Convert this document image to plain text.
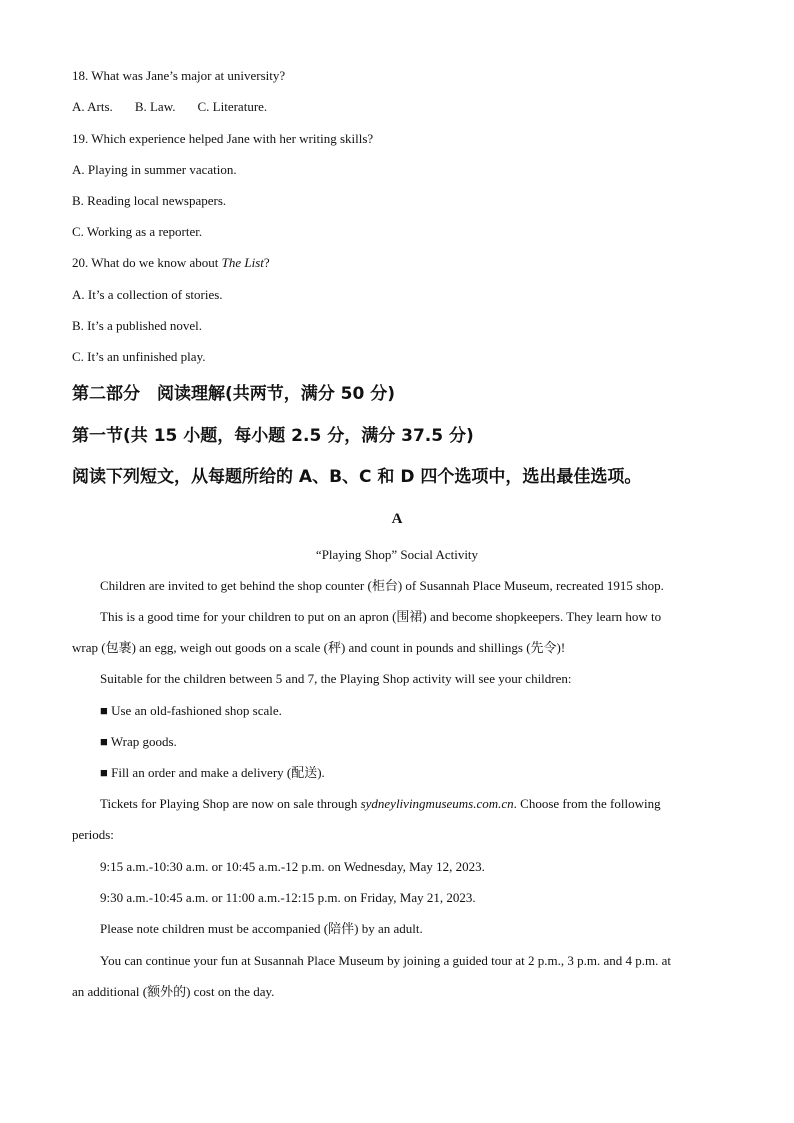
18. What was Jane’s major at university?
A. Arts. B. Law. C. Literature.
19. Which experience helped Jane with her writing skills?
A. Playing in summer vacation.
B. Reading local newspapers.
C. Working as a reporter.
20. What do we know about The List?
A. It’s a collection of stories.
B. It’s a published novel.
C. It’s an unfinished play.
第二部分　阅读理解(共两节，满分 50 分)
第一节(共 15 小题，每小题 2.5 分，满分 37.5 分)
阅读下列短文，从每题所给的 A、B、C 和 D 四个选项中，选出最佳选项。
A
“Playing Shop” Social Activity
Children are invited to get behind the shop counter (柜台) of Susannah Place Museum, recreated 1915 shop.
This is a good time for your children to put on an apron (围裙) and become shopkeepers. They learn how to
wrap (包裹) an egg, weigh out goods on a scale (秤) and count in pounds and shillings (先令)!
Suitable for the children between 5 and 7, the Playing Shop activity will see your children:
■ Use an old-fashioned shop scale.
■ Wrap goods.
■ Fill an order and make a delivery (配送).
Tickets for Playing Shop are now on sale through sydneylivingmuseums.com.cn. Choose from the following
periods:
9:15 a.m.-10:30 a.m. or 10:45 a.m.-12 p.m. on Wednesday, May 12, 2023.
9:30 a.m.-10:45 a.m. or 11:00 a.m.-12:15 p.m. on Friday, May 21, 2023.
Please note children must be accompanied (陪伴) by an adult.
You can continue your fun at Susannah Place Museum by joining a guided tour at 2 p.m., 3 p.m. and 4 p.m. at
an additional (额外的) cost on the day.
